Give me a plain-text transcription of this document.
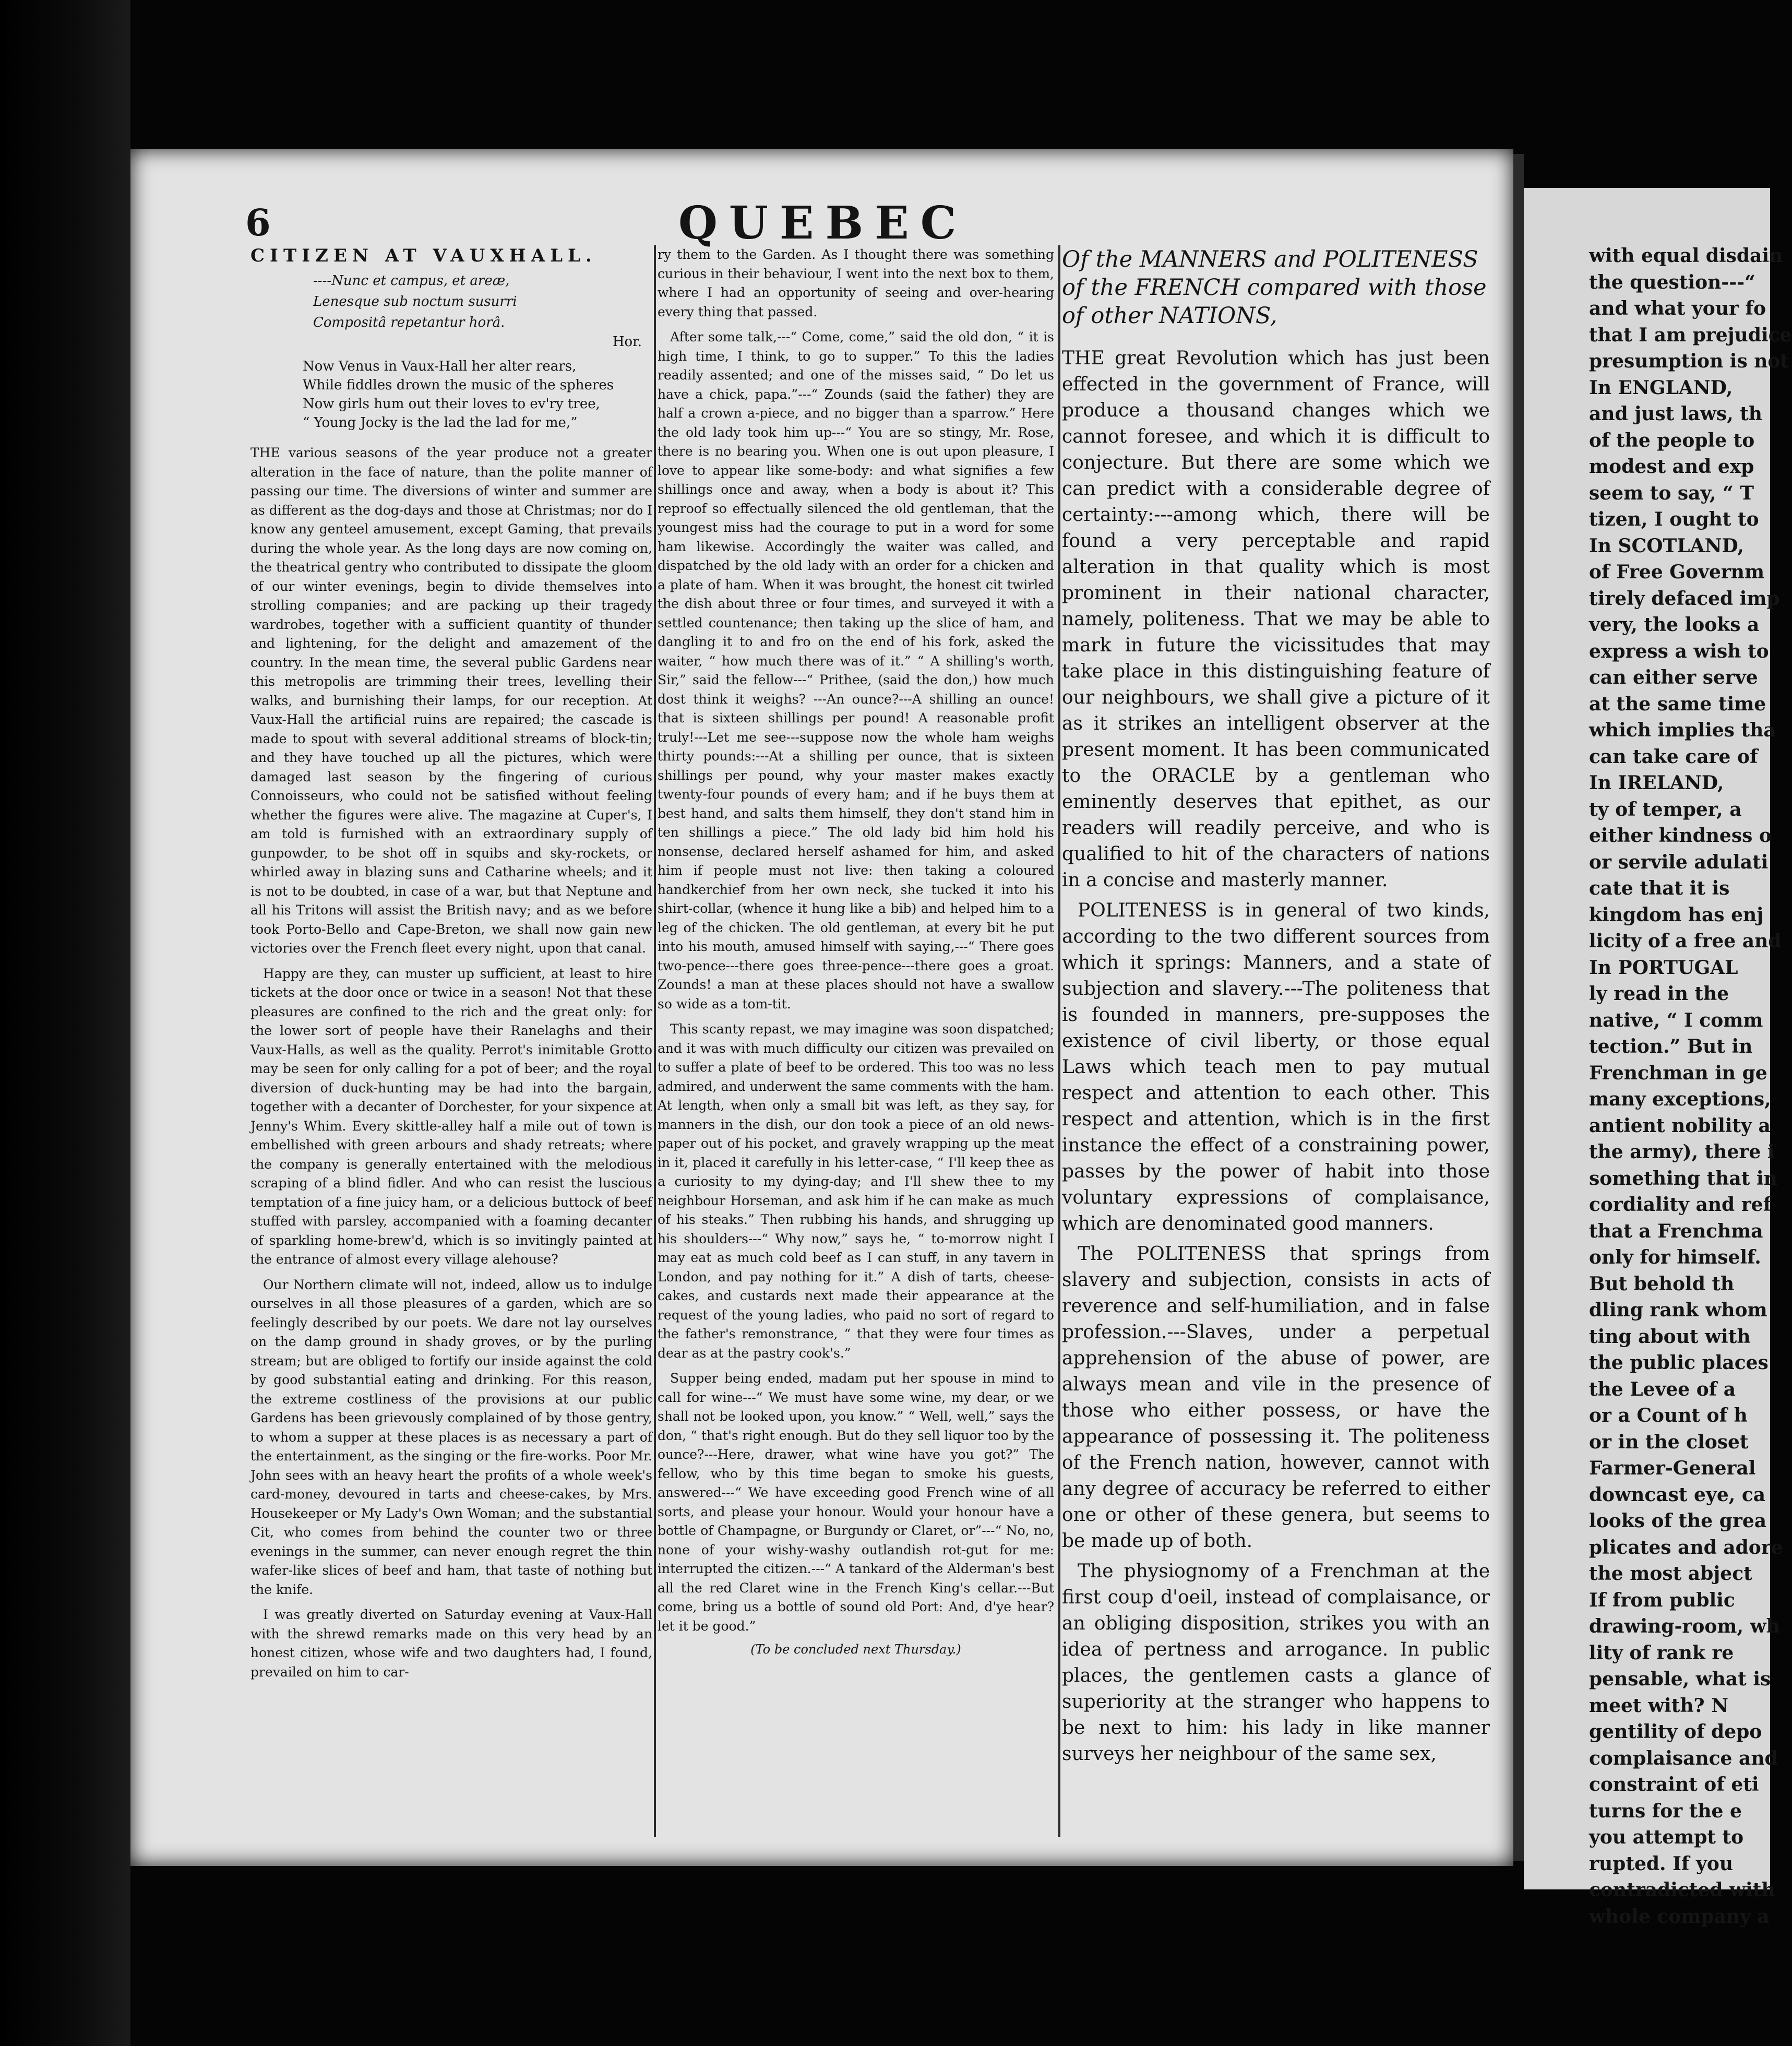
6	QUEBEC
CITIZEN AT VAUXHALL.
----Nunc et campus, et areæ,
Lenesque sub noctum susurri
Compositâ repetantur horâ.
Hor.
Now Venus in Vaux-Hall her alter rears,
While fiddles drown the music of the spheres
Now girls hum out their loves to ev'ry tree,
“ Young Jocky is the lad the lad for me,”

THE various seasons of the year produce not a greater alteration in the face of nature, than the polite manner of passing our time. The diversions of winter and summer are as different as the dog-days and those at Christmas; nor do I know any genteel amusement, except Gaming, that prevails during the whole year. As the long days are now coming on, the theatrical gentry who contributed to dissipate the gloom of our winter evenings, begin to divide themselves into strolling companies; and are packing up their tragedy wardrobes, together with a sufficient quantity of thunder and lightening, for the delight and amazement of the country. In the mean time, the several public Gardens near this metropolis are trimming their trees, levelling their walks, and burnishing their lamps, for our reception. At Vaux-Hall the artificial ruins are repaired; the cascade is made to spout with several additional streams of block-tin; and they have touched up all the pictures, which were damaged last season by the fingering of curious Connoisseurs, who could not be satisfied without feeling whether the figures were alive. The magazine at Cuper's, I am told is furnished with an extraordinary supply of gunpowder, to be shot off in squibs and sky-rockets, or whirled away in blazing suns and Catharine wheels; and it is not to be doubted, in case of a war, but that Neptune and all his Tritons will assist the British navy; and as we before took Porto-Bello and Cape-Breton, we shall now gain new victories over the French fleet every night, upon that canal.

Happy are they, can muster up sufficient, at least to hire tickets at the door once or twice in a season! Not that these pleasures are confined to the rich and the great only: for the lower sort of people have their Ranelaghs and their Vaux-Halls, as well as the quality. Perrot's inimitable Grotto may be seen for only calling for a pot of beer; and the royal diversion of duck-hunting may be had into the bargain, together with a decanter of Dorchester, for your sixpence at Jenny's Whim. Every skittle-alley half a mile out of town is embellished with green arbours and shady retreats; where the company is generally entertained with the melodious scraping of a blind fidler. And who can resist the luscious temptation of a fine juicy ham, or a delicious buttock of beef stuffed with parsley, accompanied with a foaming decanter of sparkling home-brew'd, which is so invitingly painted at the entrance of almost every village alehouse?

Our Northern climate will not, indeed, allow us to indulge ourselves in all those pleasures of a garden, which are so feelingly described by our poets. We dare not lay ourselves on the damp ground in shady groves, or by the purling stream; but are obliged to fortify our inside against the cold by good substantial eating and drinking. For this reason, the extreme costliness of the provisions at our public Gardens has been grievously complained of by those gentry, to whom a supper at these places is as necessary a part of the entertainment, as the singing or the fire-works. Poor Mr. John sees with an heavy heart the profits of a whole week's card-money, devoured in tarts and cheese-cakes, by Mrs. Housekeeper or My Lady's Own Woman; and the substantial Cit, who comes from behind the counter two or three evenings in the summer, can never enough regret the thin wafer-like slices of beef and ham, that taste of nothing but the knife.

I was greatly diverted on Saturday evening at Vaux-Hall with the shrewd remarks made on this very head by an honest citizen, whose wife and two daughters had, I found, prevailed on him to car-

ry them to the Garden. As I thought there was something curious in their behaviour, I went into the next box to them, where I had an opportunity of seeing and over-hearing every thing that passed.

After some talk,---“ Come, come,” said the old don, “ it is high time, I think, to go to supper.” To this the ladies readily assented; and one of the misses said, “ Do let us have a chick, papa.”---“ Zounds (said the father) they are half a crown a-piece, and no bigger than a sparrow.” Here the old lady took him up---“ You are so stingy, Mr. Rose, there is no bearing you. When one is out upon pleasure, I love to appear like some-body: and what signifies a few shillings once and away, when a body is about it? This reproof so effectually silenced the old gentleman, that the youngest miss had the courage to put in a word for some ham likewise. Accordingly the waiter was called, and dispatched by the old lady with an order for a chicken and a plate of ham. When it was brought, the honest cit twirled the dish about three or four times, and surveyed it with a settled countenance; then taking up the slice of ham, and dangling it to and fro on the end of his fork, asked the waiter, “ how much there was of it.” “ A shilling's worth, Sir,” said the fellow---“ Prithee, (said the don,) how much dost think it weighs? ---An ounce?---A shilling an ounce! that is sixteen shillings per pound! A reasonable profit truly!---Let me see---suppose now the whole ham weighs thirty pounds:---At a shilling per ounce, that is sixteen shillings per pound, why your master makes exactly twenty-four pounds of every ham; and if he buys them at best hand, and salts them himself, they don't stand him in ten shillings a piece.” The old lady bid him hold his nonsense, declared herself ashamed for him, and asked him if people must not live: then taking a coloured handkerchief from her own neck, she tucked it into his shirt-collar, (whence it hung like a bib) and helped him to a leg of the chicken. The old gentleman, at every bit he put into his mouth, amused himself with saying,---“ There goes two-pence---there goes three-pence---there goes a groat. Zounds! a man at these places should not have a swallow so wide as a tom-tit.

This scanty repast, we may imagine was soon dispatched; and it was with much difficulty our citizen was prevailed on to suffer a plate of beef to be ordered. This too was no less admired, and underwent the same comments with the ham. At length, when only a small bit was left, as they say, for manners in the dish, our don took a piece of an old news-paper out of his pocket, and gravely wrapping up the meat in it, placed it carefully in his letter-case, “ I'll keep thee as a curiosity to my dying-day; and I'll shew thee to my neighbour Horseman, and ask him if he can make as much of his steaks.” Then rubbing his hands, and shrugging up his shoulders---“ Why now,” says he, “ to-morrow night I may eat as much cold beef as I can stuff, in any tavern in London, and pay nothing for it.” A dish of tarts, cheese-cakes, and custards next made their appearance at the request of the young ladies, who paid no sort of regard to the father's remonstrance, “ that they were four times as dear as at the pastry cook's.”

Supper being ended, madam put her spouse in mind to call for wine---“ We must have some wine, my dear, or we shall not be looked upon, you know.” “ Well, well,” says the don, “ that's right enough. But do they sell liquor too by the ounce?---Here, drawer, what wine have you got?” The fellow, who by this time began to smoke his guests, answered---“ We have exceeding good French wine of all sorts, and please your honour. Would your honour have a bottle of Champagne, or Burgundy or Claret, or”---“ No, no, none of your wishy-washy outlandish rot-gut for me: interrupted the citizen.---“ A tankard of the Alderman's best all the red Claret wine in the French King's cellar.---But come, bring us a bottle of sound old Port: And, d'ye hear? let it be good.”

(To be concluded next Thursday.)
Of the MANNERS and POLITENESS of the FRENCH compared with those of other NATIONS,

THE great Revolution which has just been effected in the government of France, will produce a thousand changes which we cannot foresee, and which it is difficult to conjecture. But there are some which we can predict with a considerable degree of certainty:---among which, there will be found a very perceptable and rapid alteration in that quality which is most prominent in their national character, namely, politeness. That we may be able to mark in future the vicissitudes that may take place in this distinguishing feature of our neighbours, we shall give a picture of it as it strikes an intelligent observer at the present moment. It has been communicated to the ORACLE by a gentleman who eminently deserves that epithet, as our readers will readily perceive, and who is qualified to hit of the characters of nations in a concise and masterly manner.

POLITENESS is in general of two kinds, according to the two different sources from which it springs: Manners, and a state of subjection and slavery.---The politeness that is founded in manners, pre-supposes the existence of civil liberty, or those equal Laws which teach men to pay mutual respect and attention to each other. This respect and attention, which is in the first instance the effect of a constraining power, passes by the power of habit into those voluntary expressions of complaisance, which are denominated good manners.

The POLITENESS that springs from slavery and subjection, consists in acts of reverence and self-humiliation, and in false profession.---Slaves, under a perpetual apprehension of the abuse of power, are always mean and vile in the presence of those who either possess, or have the appearance of possessing it. The politeness of the French nation, however, cannot with any degree of accuracy be referred to either one or other of these genera, but seems to be made up of both.

The physiognomy of a Frenchman at the first coup d'oeil, instead of complaisance, or an obliging disposition, strikes you with an idea of pertness and arrogance. In public places, the gentlemen casts a glance of superiority at the stranger who happens to be next to him: his lady in like manner surveys her neighbour of the same sex,

with equal disdain
the question---“
and what your fo
that I am prejudice
presumption is not
In ENGLAND,
and just laws, th
of the people to
modest and exp
seem to say, “ T
tizen, I ought to
In SCOTLAND,
of Free Governm
tirely defaced imp
very, the looks a
express a wish to
can either serve
at the same time
which implies tha
can take care of
In IRELAND,
ty of temper, a
either kindness o
or servile adulati
cate that it is
kingdom has enj
licity of a free and
In PORTUGAL
ly read in the
native, “ I comm
tection.” But in
Frenchman in ge
many exceptions,
antient nobility a
the army), there i
something that in
cordiality and ref
that a Frenchma
only for himself.
But behold th
dling rank whom
ting about with
the public places
the Levee of a
or a Count of h
or in the closet
Farmer-General
downcast eye, ca
looks of the grea
plicates and adore
the most abject
If from public
drawing-room, wh
lity of rank re
pensable, what is
meet with? N
gentility of depo
complaisance and
constraint of eti
turns for the e
you attempt to
rupted. If you
contradicted with
whole company a
